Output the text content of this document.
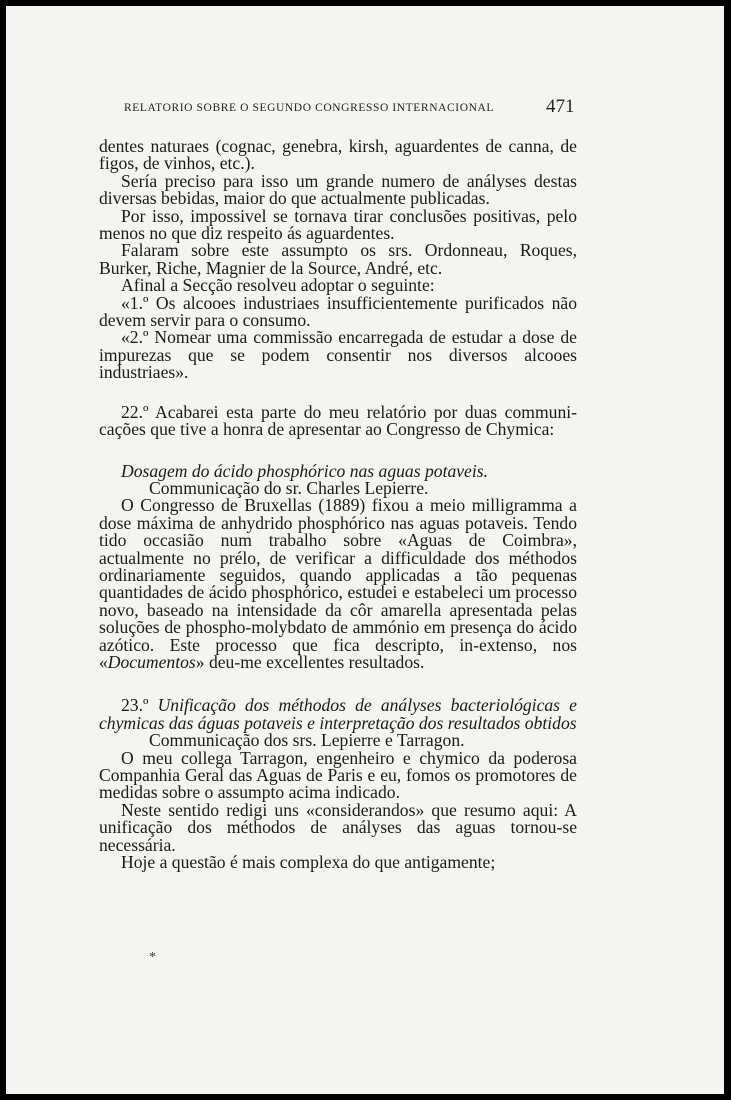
RELATORIO SOBRE O SEGUNDO CONGRESSO INTERNACIONAL	471

dentes naturaes (cognac, genebra, kirsh, aguardentes de canna, de figos, de vinhos, etc.).

Sería preciso para isso um grande numero de anályses destas diversas bebidas, maior do que actualmente publicadas.

Por isso, impossivel se tornava tirar conclusões positivas, pelo menos no que diz respeito ás aguardentes.

Falaram sobre este assumpto os srs. Ordonneau, Roques, Burker, Riche, Magnier de la Source, André, etc.

Afinal a Secção resolveu adoptar o seguinte:

«1.º Os alcooes industriaes insufficientemente purificados não devem servir para o consumo.

«2.º Nomear uma commissão encarregada de estudar a dose de impurezas que se podem consentir nos diversos alcooes industriaes».

22.º Acabarei esta parte do meu relatório por duas communicações que tive a honra de apresentar ao Congresso de Chymica:

Dosagem do ácido phosphórico nas aguas potaveis.

Communicação do sr. Charles Lepierre.

O Congresso de Bruxellas (1889) fixou a meio milligramma a dose máxima de anhydrido phosphórico nas aguas potaveis. Tendo tido occasião num trabalho sobre «Aguas de Coimbra», actualmente no prélo, de verificar a difficuldade dos méthodos ordinariamente seguidos, quando applicadas a tão pequenas quantidades de ácido phosphórico, estudei e estabeleci um processo novo, baseado na intensidade da côr amarella apresentada pelas soluções de phospho-molybdato de ammónio em presença do ácido azótico. Este processo que fica descripto, in-extenso, nos «Documentos» deu-me excellentes resultados.

23.º Unificação dos méthodos de anályses bacteriológicas e chymicas das águas potaveis e interpretação dos resultados obtidos

Communicação dos srs. Lepierre e Tarragon.

O meu collega Tarragon, engenheiro e chymico da poderosa Companhia Geral das Aguas de Paris e eu, fomos os promotores de medidas sobre o assumpto acima indicado.

Neste sentido redigi uns «considerandos» que resumo aqui: A unificação dos méthodos de anályses das aguas tornou-se necessária.

Hoje a questão é mais complexa do que antigamente;

*
